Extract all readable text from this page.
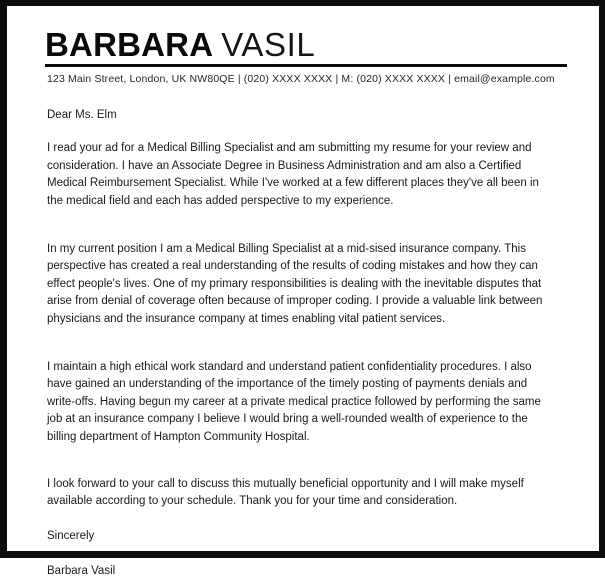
BARBARA VASIL
123 Main Street, London, UK NW80QE | (020) XXXX XXXX | M: (020) XXXX XXXX | email@example.com

Dear Ms. Elm

I read your ad for a Medical Billing Specialist and am submitting my resume for your review and consideration. I have an Associate Degree in Business Administration and am also a Certified Medical Reimbursement Specialist. While I've worked at a few different places they've all been in the medical field and each has added perspective to my experience.

In my current position I am a Medical Billing Specialist at a mid-sised insurance company. This perspective has created a real understanding of the results of coding mistakes and how they can effect people's lives. One of my primary responsibilities is dealing with the inevitable disputes that arise from denial of coverage often because of improper coding. I provide a valuable link between physicians and the insurance company at times enabling vital patient services.

I maintain a high ethical work standard and understand patient confidentiality procedures. I also have gained an understanding of the importance of the timely posting of payments denials and write-offs. Having begun my career at a private medical practice followed by performing the same job at an insurance company I believe I would bring a well-rounded wealth of experience to the billing department of Hampton Community Hospital.

I look forward to your call to discuss this mutually beneficial opportunity and I will make myself available according to your schedule. Thank you for your time and consideration.

Sincerely

Barbara Vasil
